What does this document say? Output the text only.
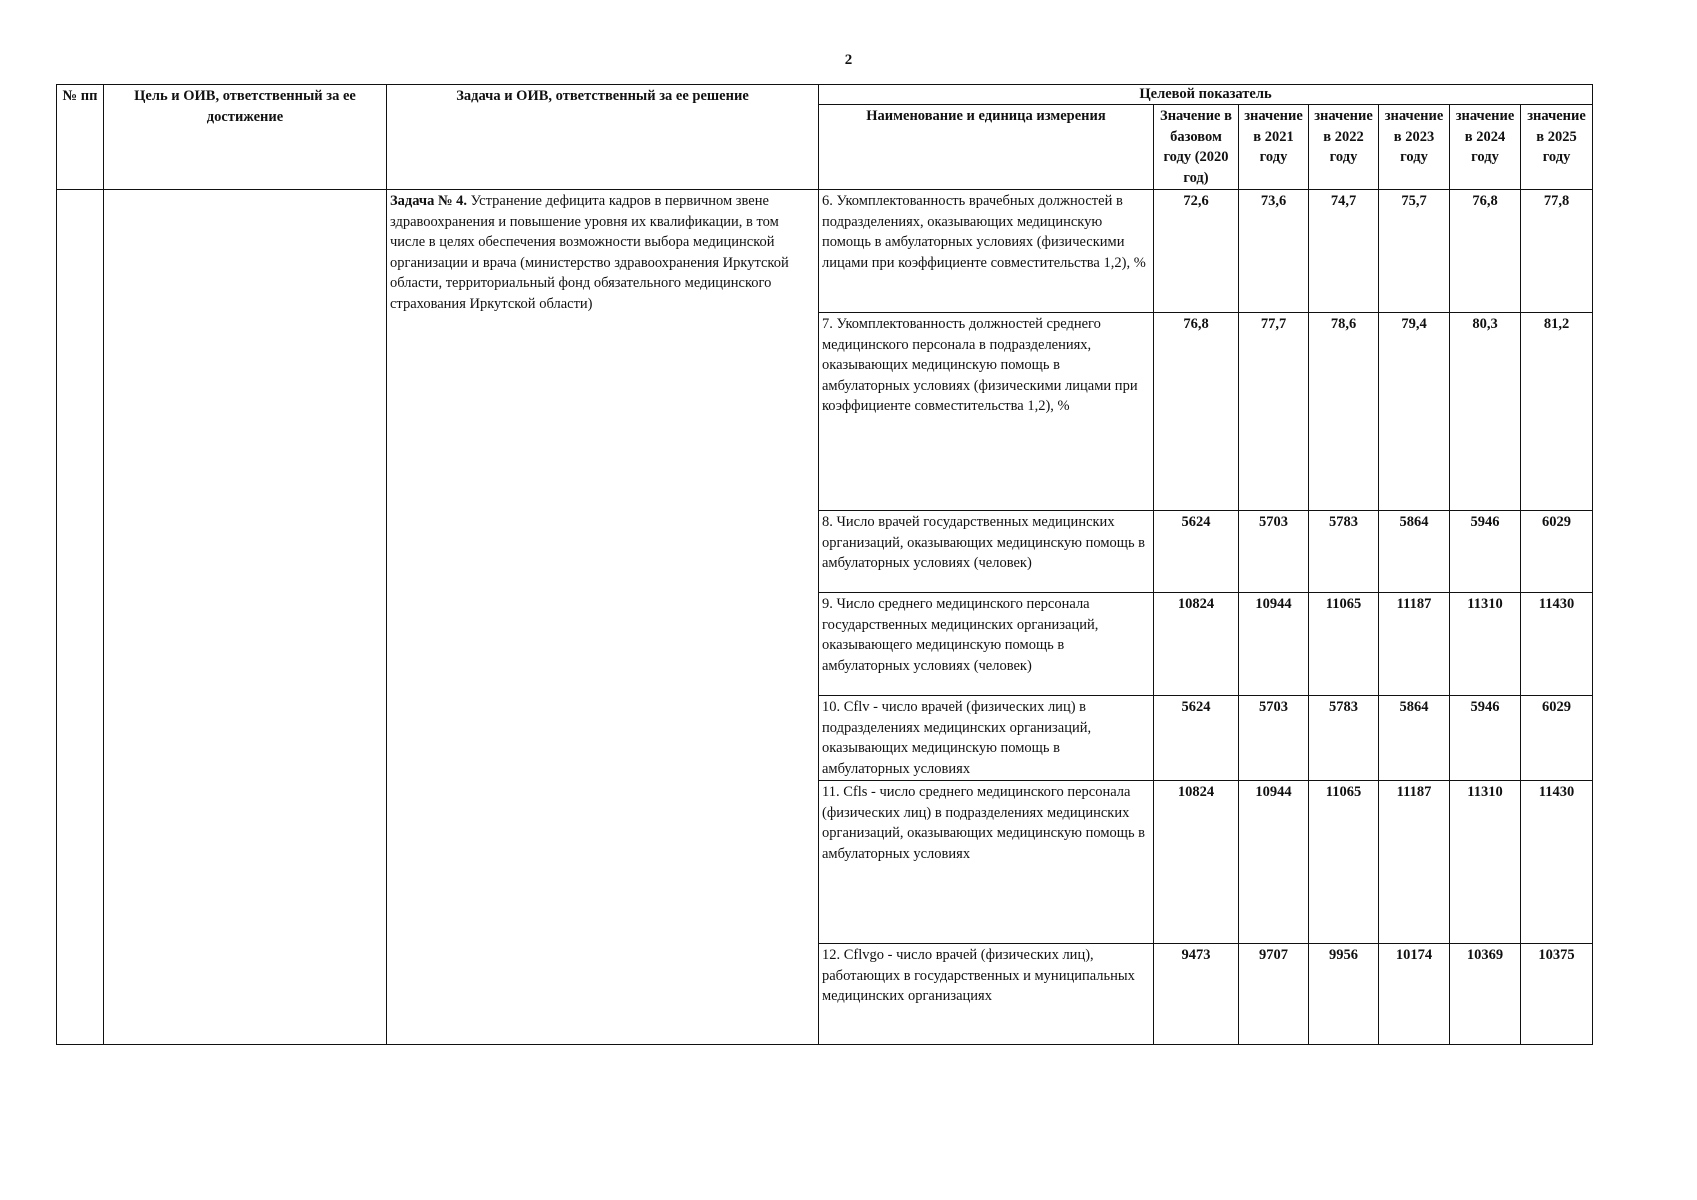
2
№ пп	Цель и ОИВ, ответственный за ее достижение	Задача и ОИВ, ответственный за ее решение	Целевой показатель						
			Наименование и единица измерения	Значение в базовом году (2020 год)	значение в 2021 году	значение в 2022 году	значение в 2023 году	значение в 2024 году	значение в 2025 году
		Задача № 4. Устранение дефицита кадров в первичном звене здравоохранения и повышение уровня их квалификации, в том числе в целях обеспечения возможности выбора медицинской организации и врача (министерство здравоохранения Иркутской области, территориальный фонд обязательного медицинского страхования Иркутской области)	6. Укомплектованность врачебных должностей в подразделениях, оказывающих медицинскую помощь в амбулаторных условиях (физическими лицами при коэффициенте совместительства 1,2), %	72,6	73,6	74,7	75,7	76,8	77,8
			7. Укомплектованность должностей среднего медицинского персонала в подразделениях, оказывающих медицинскую помощь в амбулаторных условиях (физическими лицами при коэффициенте совместительства 1,2), %	76,8	77,7	78,6	79,4	80,3	81,2
			8. Число врачей государственных медицинских организаций, оказывающих медицинскую помощь в амбулаторных условиях (человек)	5624	5703	5783	5864	5946	6029
			9. Число среднего медицинского персонала государственных медицинских организаций, оказывающего медицинскую помощь в амбулаторных условиях (человек)	10824	10944	11065	11187	11310	11430
			10. Cflv - число врачей (физических лиц) в подразделениях медицинских организаций, оказывающих медицинскую помощь в амбулаторных условиях	5624	5703	5783	5864	5946	6029
			11. Cfls - число среднего медицинского персонала (физических лиц) в подразделениях медицинских организаций, оказывающих медицинскую помощь в амбулаторных условиях	10824	10944	11065	11187	11310	11430
			12. Cflvgo - число врачей (физических лиц), работающих в государственных и муниципальных медицинских организациях	9473	9707	9956	10174	10369	10375
